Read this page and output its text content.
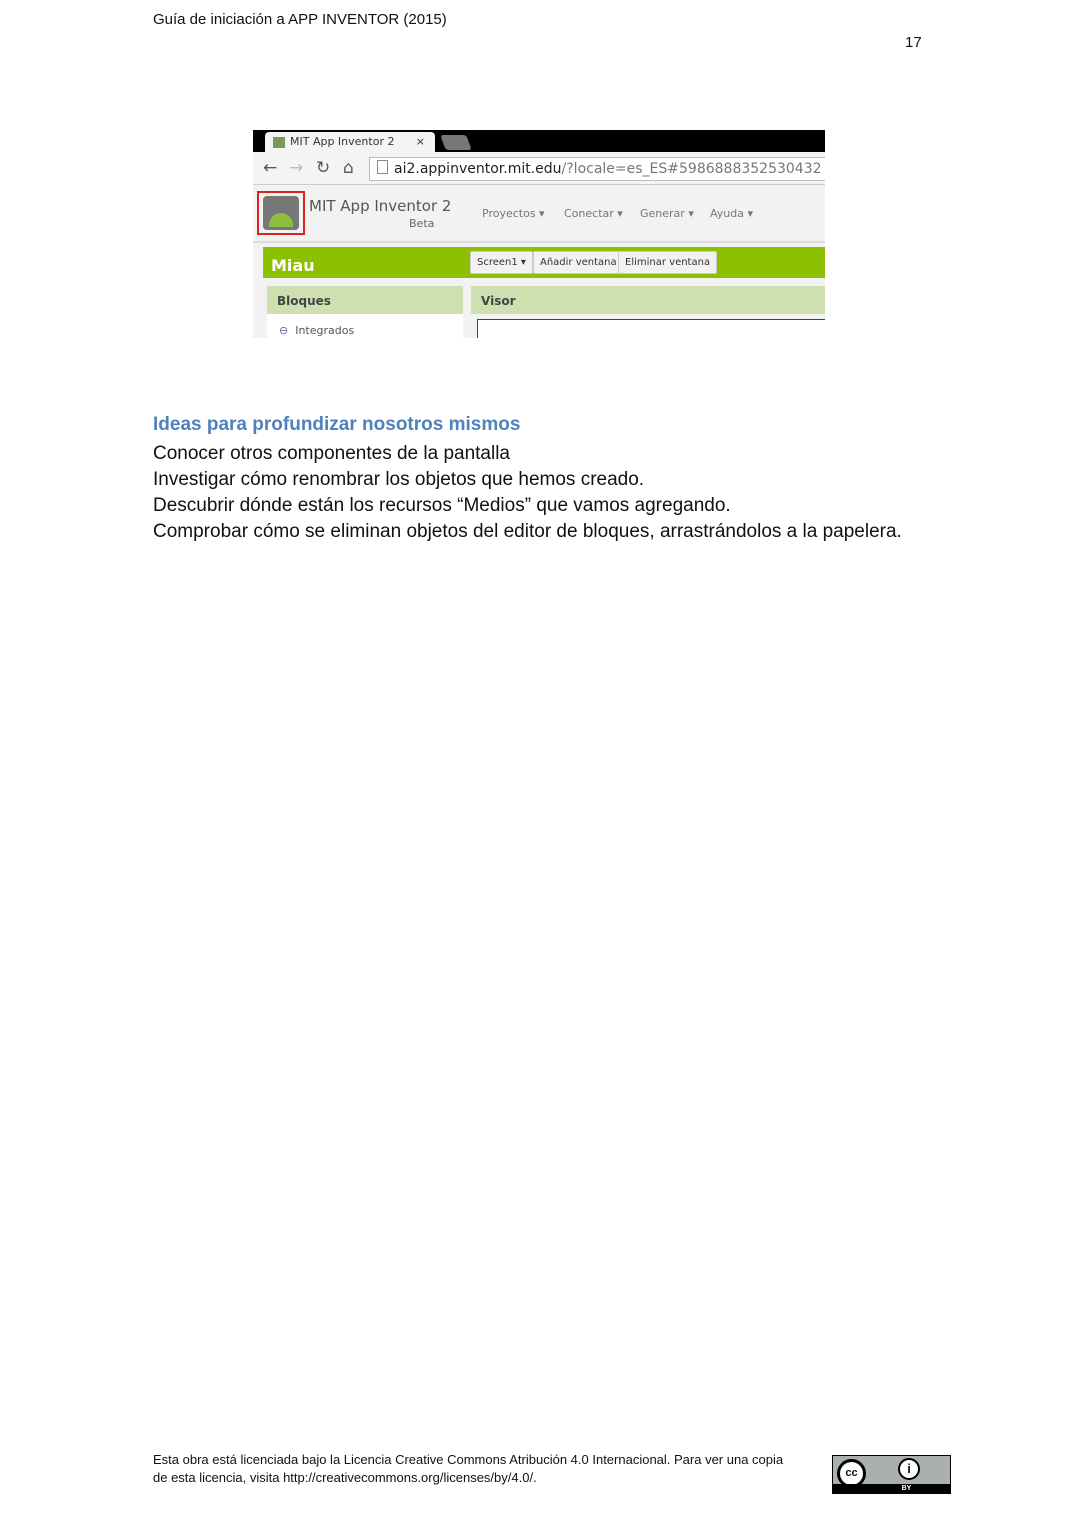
Guía de iniciación a APP INVENTOR (2015)
17
MIT App Inventor 2 ×
← → ↻ ⌂	ai2.appinventor.mit.edu/?locale=es_ES#5986888352530432
MIT App Inventor 2
Beta
Proyectos ▾ Conectar ▾ Generar ▾ Ayuda ▾
Miau	Screen1 ▾	Añadir ventana Eliminar ventana
Bloques	Visor
⊖ Integrados
Ideas para profundizar nosotros mismos
Conocer otros componentes de la pantalla
Investigar cómo renombrar los objetos que hemos creado.
Descubrir dónde están los recursos “Medios” que vamos agregando.
Comprobar cómo se eliminan objetos del editor de bloques, arrastrándolos a la papelera.
Esta obra está licenciada bajo la Licencia Creative Commons Atribución 4.0 Internacional. Para ver una copia de esta licencia, visita http://creativecommons.org/licenses/by/4.0/.	cc	i
BY
